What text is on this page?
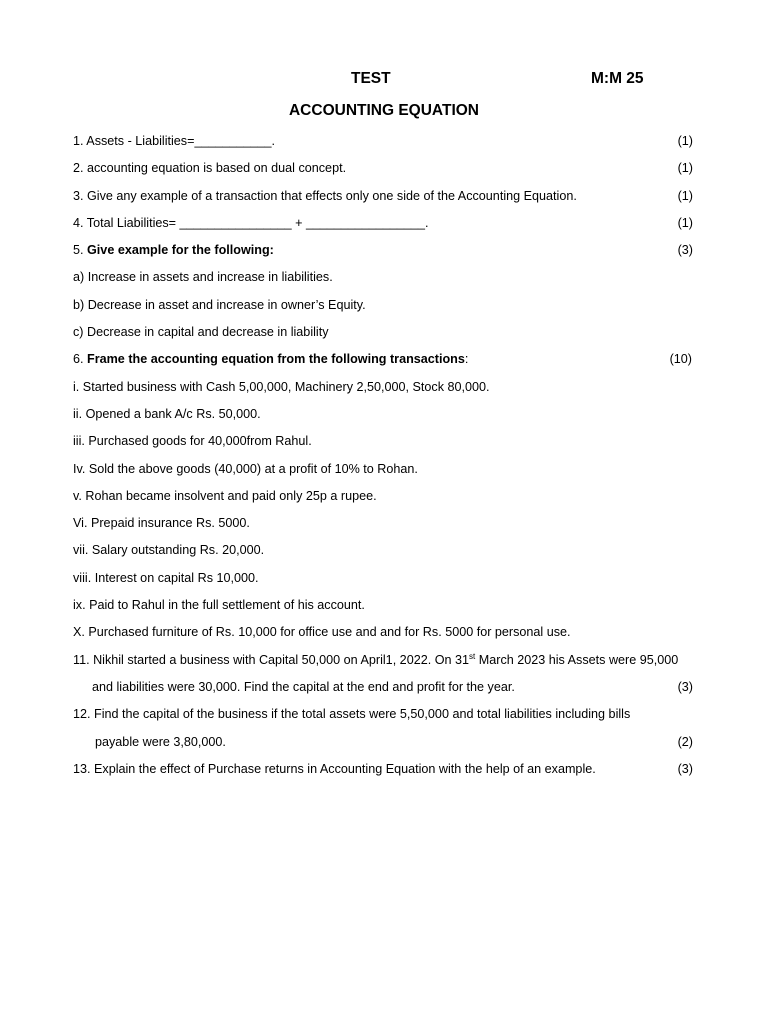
TEST	M:M 25
ACCOUNTING EQUATION
1. Assets - Liabilities=___________.	(1)
2. accounting equation is based on dual concept.	(1)
3. Give any example of a transaction that effects only one side of the Accounting Equation.	(1)
4. Total Liabilities= ________________ + _________________.	(1)
5. Give example for the following:	(3)
a) Increase in assets and increase in liabilities.
b) Decrease in asset and increase in owner’s Equity.
c) Decrease in capital and decrease in liability
6. Frame the accounting equation from the following transactions:	(10)
i. Started business with Cash 5,00,000, Machinery 2,50,000, Stock 80,000.
ii. Opened a bank A/c Rs. 50,000.
iii. Purchased goods for 40,000from Rahul.
Iv. Sold the above goods (40,000) at a profit of 10% to Rohan.
v. Rohan became insolvent and paid only 25p a rupee.
Vi. Prepaid insurance Rs. 5000.
vii. Salary outstanding Rs. 20,000.
viii. Interest on capital Rs 10,000.
ix. Paid to Rahul in the full settlement of his account.
X. Purchased furniture of Rs. 10,000 for office use and and for Rs. 5000 for personal use.
11. Nikhil started a business with Capital 50,000 on April1, 2022. On 31st March 2023 his Assets were 95,000
and liabilities were 30,000. Find the capital at the end and profit for the year.	(3)
12. Find the capital of the business if the total assets were 5,50,000 and total liabilities including bills
payable were 3,80,000.	(2)
13. Explain the effect of Purchase returns in Accounting Equation with the help of an example.	(3)
